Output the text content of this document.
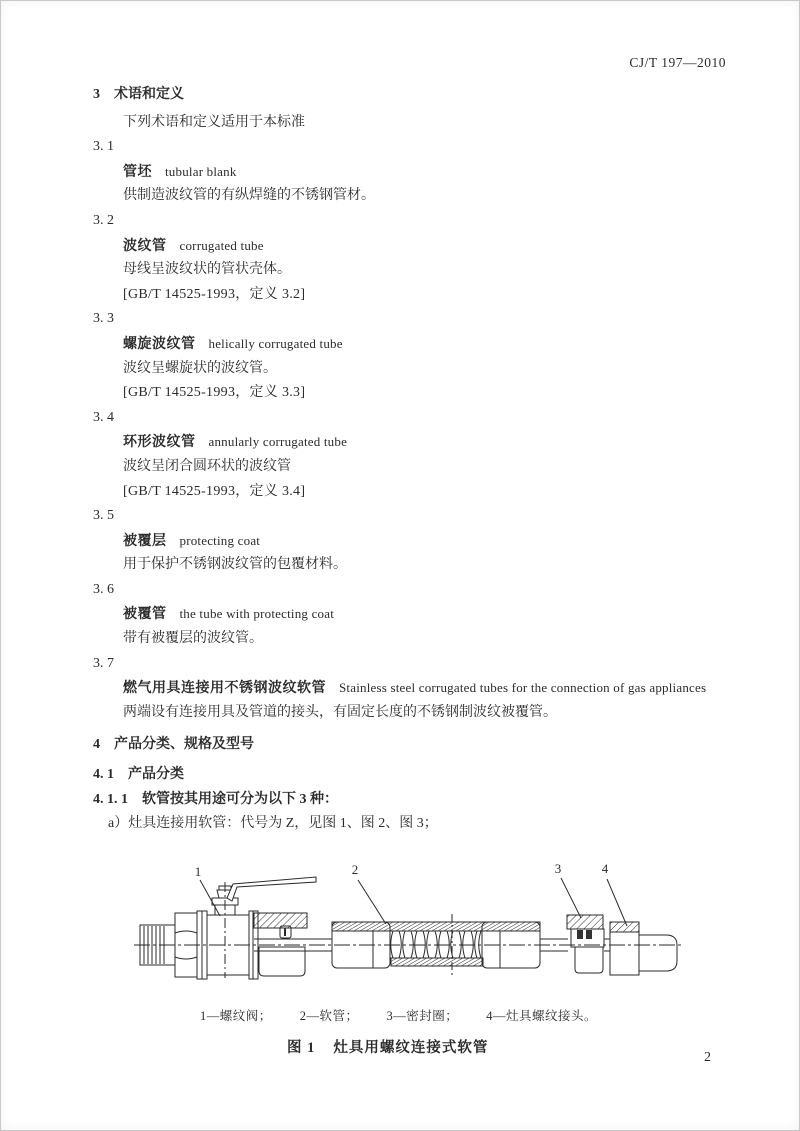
CJ/T 197—2010
3 术语和定义
下列术语和定义适用于本标准
3. 1
管坯 tubular blank
供制造波纹管的有纵焊缝的不锈钢管材。
3. 2
波纹管 corrugated tube
母线呈波纹状的管状壳体。
[GB/T 14525-1993，定义 3.2]
3. 3
螺旋波纹管 helically corrugated tube
波纹呈螺旋状的波纹管。
[GB/T 14525-1993，定义 3.3]
3. 4
环形波纹管 annularly corrugated tube
波纹呈闭合圆环状的波纹管
[GB/T 14525-1993，定义 3.4]
3. 5
被覆层 protecting coat
用于保护不锈钢波纹管的包覆材料。
3. 6
被覆管 the tube with protecting coat
带有被覆层的波纹管。
3. 7
燃气用具连接用不锈钢波纹软管 Stainless steel corrugated tubes for the connection of gas appliances
两端设有连接用具及管道的接头，有固定长度的不锈钢制波纹被覆管。
4 产品分类、规格及型号
4. 1 产品分类
4. 1. 1 软管按其用途可分为以下 3 种：
a）灶具连接用软管：代号为 Z，见图 1、图 2、图 3；
1	2	3	4
1—螺纹阀； 2—软管； 3—密封圈； 4—灶具螺纹接头。
图 1 灶具用螺纹连接式软管
2
